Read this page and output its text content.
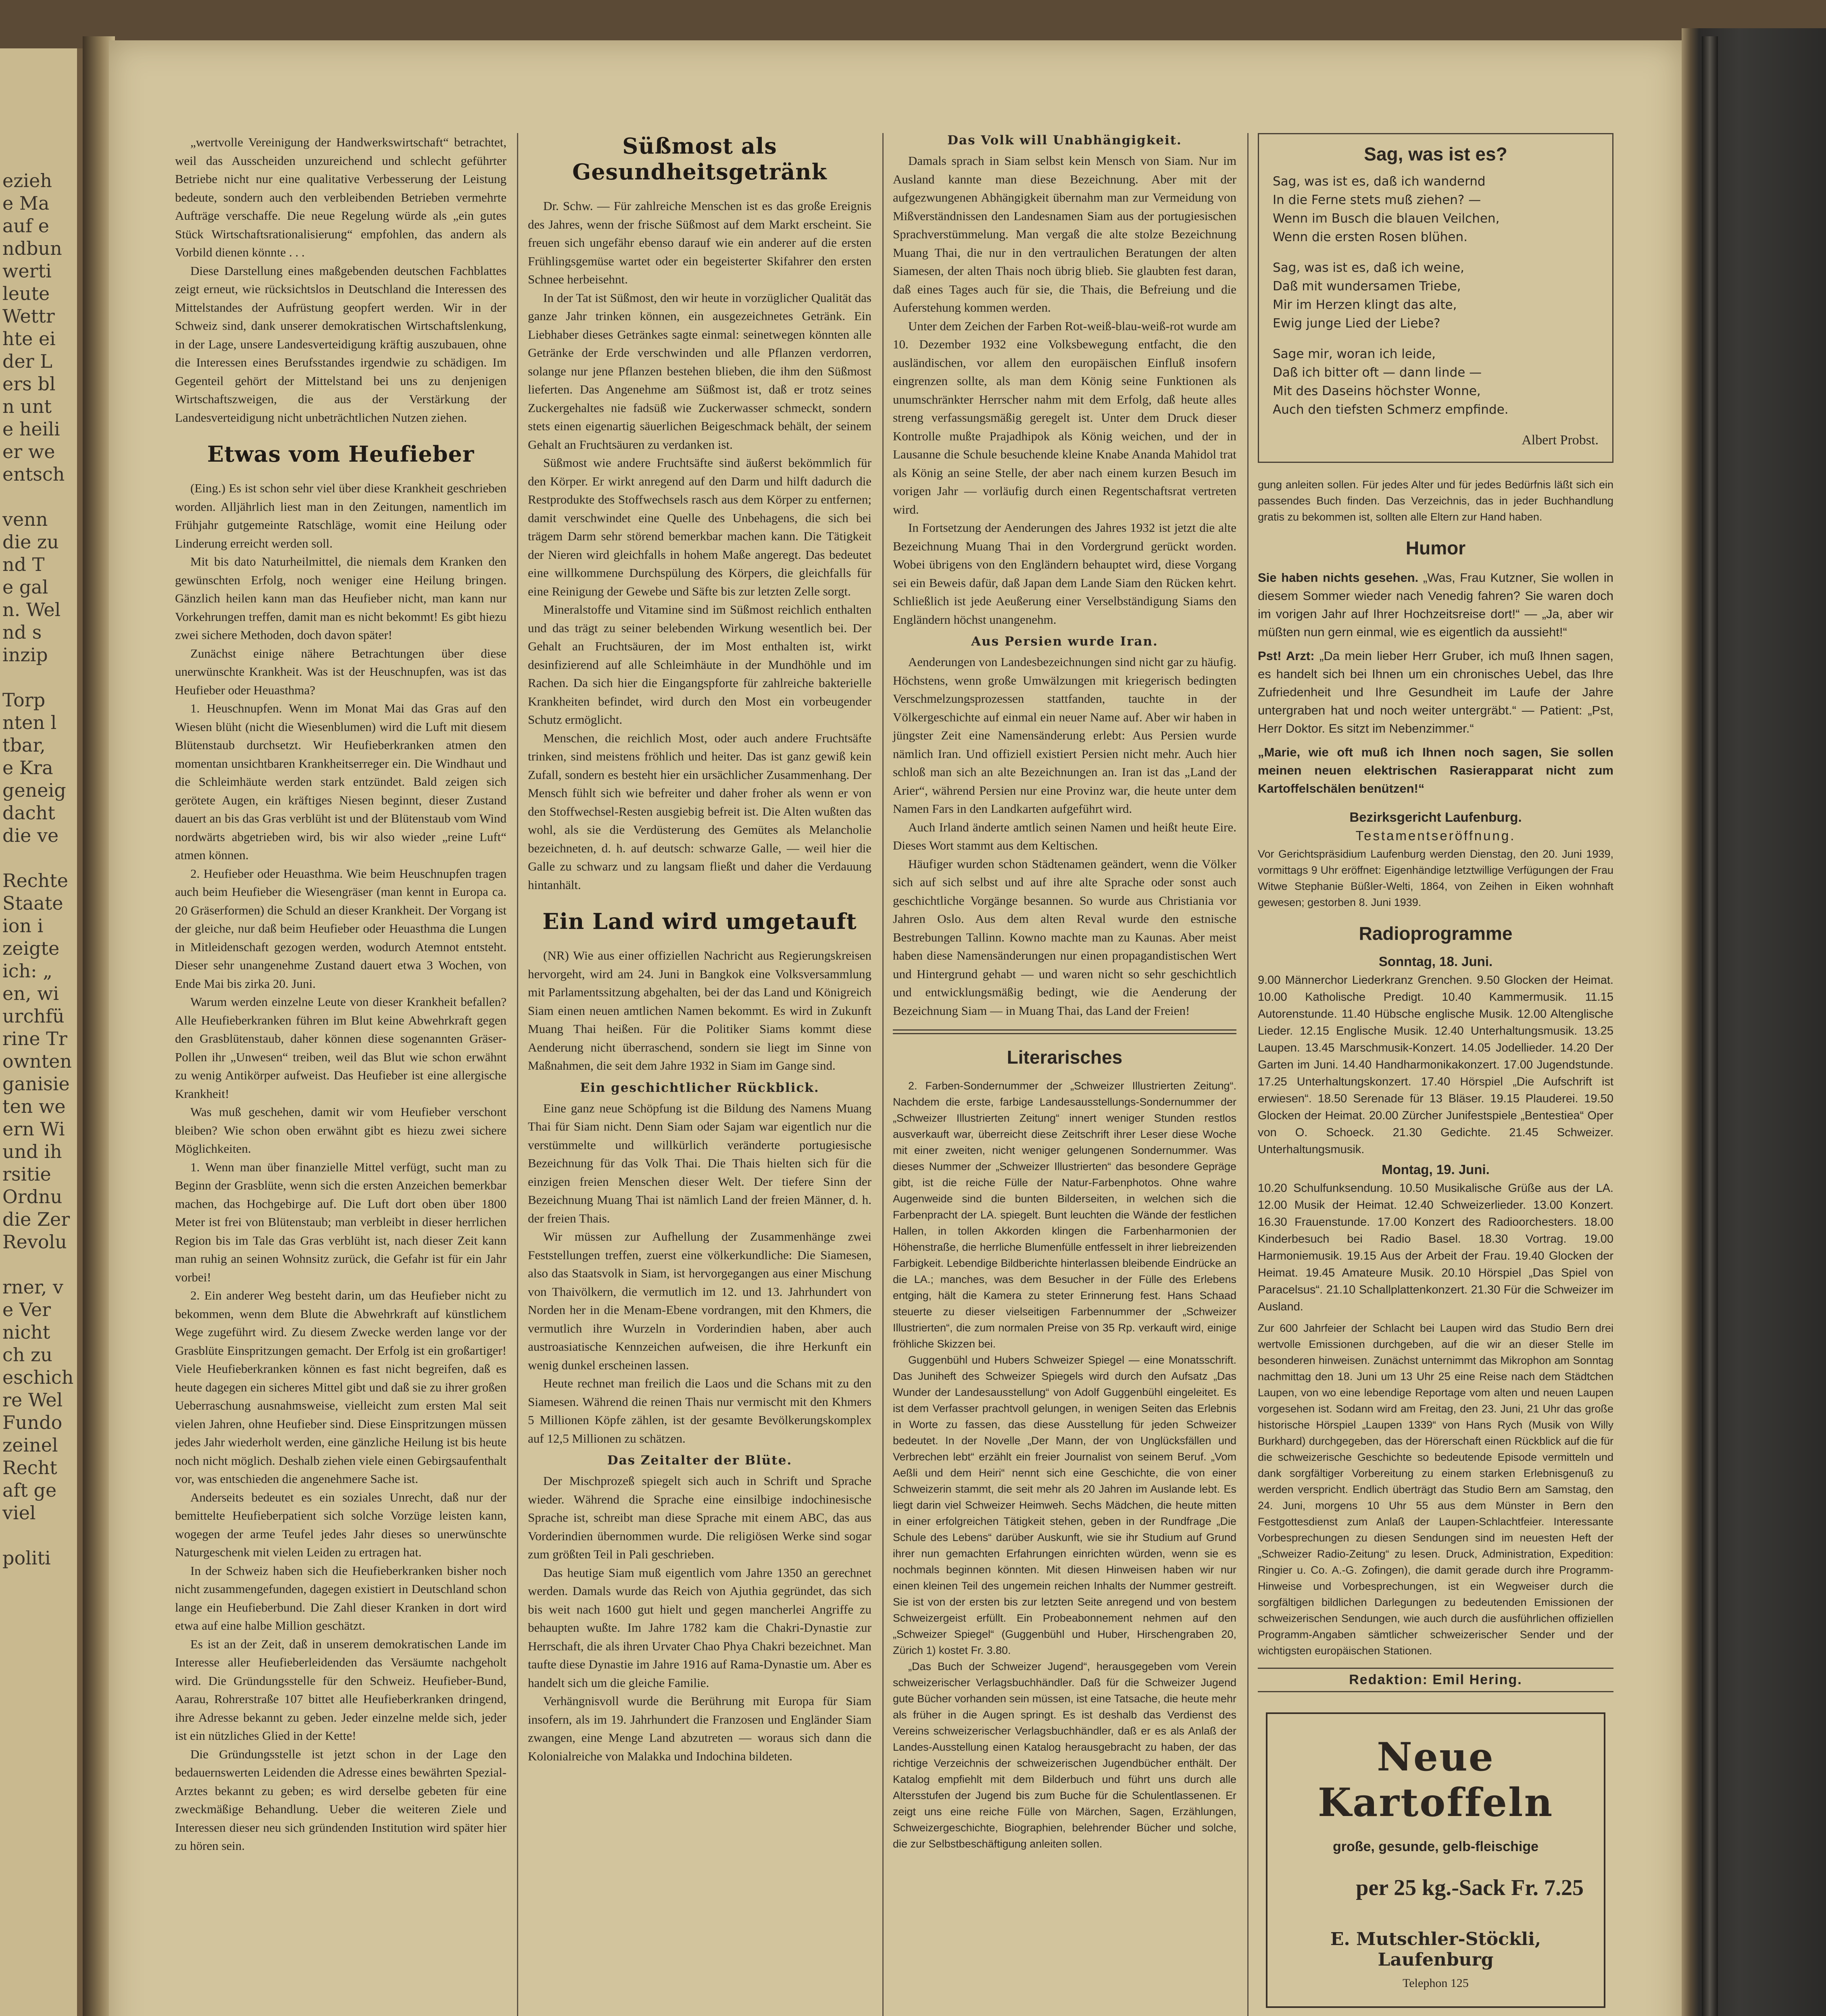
ezieh
e Ma
auf e
ndbun
werti
leute
Wettr
hte ei
der L
ers bl
n unt
e heili
er we
entsch

venn
die zu
nd T
e gal
n. Wel
nd s
inzip

Torp
nten l
tbar,
e Kra
geneig
dacht
die ve

Rechte
Staate
ion i
zeigte
ich: „
en, wi
urchfü
rine Tr
ownten
ganisie
ten we
ern Wi
und ih
rsitie
Ordnu
die Zer
Revolu

rner, v
e Ver
nicht
ch zu
eschich
re Wel
Fundo
zeinel
Recht
aft ge
viel

politi

„wertvolle Vereinigung der Handwerkswirtschaft“ betrachtet, weil das Ausscheiden unzureichend und schlecht geführter Betriebe nicht nur eine qualitative Verbesserung der Leistung bedeute, sondern auch den verbleibenden Betrieben vermehrte Aufträge verschaffe. Die neue Regelung würde als „ein gutes Stück Wirtschaftsrationalisierung“ empfohlen, das andern als Vorbild dienen könnte . . .

Diese Darstellung eines maßgebenden deutschen Fachblattes zeigt erneut, wie rücksichtslos in Deutschland die Interessen des Mittelstandes der Aufrüstung geopfert werden. Wir in der Schweiz sind, dank unserer demokratischen Wirtschaftslenkung, in der Lage, unsere Landesverteidigung kräftig auszubauen, ohne die Interessen eines Berufsstandes irgendwie zu schädigen. Im Gegenteil gehört der Mittelstand bei uns zu denjenigen Wirtschaftszweigen, die aus der Verstärkung der Landesverteidigung nicht unbeträchtlichen Nutzen ziehen.

Etwas vom Heufieber

(Eing.) Es ist schon sehr viel über diese Krankheit geschrieben worden. Alljährlich liest man in den Zeitungen, namentlich im Frühjahr gutgemeinte Ratschläge, womit eine Heilung oder Linderung erreicht werden soll.

Mit bis dato Naturheilmittel, die niemals dem Kranken den gewünschten Erfolg, noch weniger eine Heilung bringen. Gänzlich heilen kann man das Heufieber nicht, man kann nur Vorkehrungen treffen, damit man es nicht bekommt! Es gibt hiezu zwei sichere Methoden, doch davon später!

Zunächst einige nähere Betrachtungen über diese unerwünschte Krankheit. Was ist der Heuschnupfen, was ist das Heufieber oder Heuasthma?

1. Heuschnupfen. Wenn im Monat Mai das Gras auf den Wiesen blüht (nicht die Wiesenblumen) wird die Luft mit diesem Blütenstaub durchsetzt. Wir Heufieberkranken atmen den momentan unsichtbaren Krankheitserreger ein. Die Windhaut und die Schleimhäute werden stark entzündet. Bald zeigen sich gerötete Augen, ein kräftiges Niesen beginnt, dieser Zustand dauert an bis das Gras verblüht ist und der Blütenstaub vom Wind nordwärts abgetrieben wird, bis wir also wieder „reine Luft“ atmen können.

2. Heufieber oder Heuasthma. Wie beim Heuschnupfen tragen auch beim Heufieber die Wiesengräser (man kennt in Europa ca. 20 Gräserformen) die Schuld an dieser Krankheit. Der Vorgang ist der gleiche, nur daß beim Heufieber oder Heuasthma die Lungen in Mitleidenschaft gezogen werden, wodurch Atemnot entsteht. Dieser sehr unangenehme Zustand dauert etwa 3 Wochen, von Ende Mai bis zirka 20. Juni.

Warum werden einzelne Leute von dieser Krankheit befallen? Alle Heufieberkranken führen im Blut keine Abwehrkraft gegen den Grasblütenstaub, daher können diese sogenannten Gräser-Pollen ihr „Unwesen“ treiben, weil das Blut wie schon erwähnt zu wenig Antikörper aufweist. Das Heufieber ist eine allergische Krankheit!

Was muß geschehen, damit wir vom Heufieber verschont bleiben? Wie schon oben erwähnt gibt es hiezu zwei sichere Möglichkeiten.

1. Wenn man über finanzielle Mittel verfügt, sucht man zu Beginn der Grasblüte, wenn sich die ersten Anzeichen bemerkbar machen, das Hochgebirge auf. Die Luft dort oben über 1800 Meter ist frei von Blütenstaub; man verbleibt in dieser herrlichen Region bis im Tale das Gras verblüht ist, nach dieser Zeit kann man ruhig an seinen Wohnsitz zurück, die Gefahr ist für ein Jahr vorbei!

2. Ein anderer Weg besteht darin, um das Heufieber nicht zu bekommen, wenn dem Blute die Abwehrkraft auf künstlichem Wege zugeführt wird. Zu diesem Zwecke werden lange vor der Grasblüte Einspritzungen gemacht. Der Erfolg ist ein großartiger! Viele Heufieberkranken können es fast nicht begreifen, daß es heute dagegen ein sicheres Mittel gibt und daß sie zu ihrer großen Ueberraschung ausnahmsweise, vielleicht zum ersten Mal seit vielen Jahren, ohne Heufieber sind. Diese Einspritzungen müssen jedes Jahr wiederholt werden, eine gänzliche Heilung ist bis heute noch nicht möglich. Deshalb ziehen viele einen Gebirgsaufenthalt vor, was entschieden die angenehmere Sache ist.

Anderseits bedeutet es ein soziales Unrecht, daß nur der bemittelte Heufieberpatient sich solche Vorzüge leisten kann, wogegen der arme Teufel jedes Jahr dieses so unerwünschte Naturgeschenk mit vielen Leiden zu ertragen hat.

In der Schweiz haben sich die Heufieberkranken bisher noch nicht zusammengefunden, dagegen existiert in Deutschland schon lange ein Heufieberbund. Die Zahl dieser Kranken in dort wird etwa auf eine halbe Million geschätzt.

Es ist an der Zeit, daß in unserem demokratischen Lande im Interesse aller Heufieberleidenden das Versäumte nachgeholt wird. Die Gründungsstelle für den Schweiz. Heufieber-Bund, Aarau, Rohrerstraße 107 bittet alle Heufieberkranken dringend, ihre Adresse bekannt zu geben. Jeder einzelne melde sich, jeder ist ein nützliches Glied in der Kette!

Die Gründungsstelle ist jetzt schon in der Lage den bedauernswerten Leidenden die Adresse eines bewährten Spezial-Arztes bekannt zu geben; es wird derselbe gebeten für eine zweckmäßige Behandlung. Ueber die weiteren Ziele und Interessen dieser neu sich gründenden Institution wird später hier zu hören sein.

Süßmost als Gesundheitsgetränk

Dr. Schw. — Für zahlreiche Menschen ist es das große Ereignis des Jahres, wenn der frische Süßmost auf dem Markt erscheint. Sie freuen sich ungefähr ebenso darauf wie ein anderer auf die ersten Frühlingsgemüse wartet oder ein begeisterter Skifahrer den ersten Schnee herbeisehnt.

In der Tat ist Süßmost, den wir heute in vorzüglicher Qualität das ganze Jahr trinken können, ein ausgezeichnetes Getränk. Ein Liebhaber dieses Getränkes sagte einmal: seinetwegen könnten alle Getränke der Erde verschwinden und alle Pflanzen verdorren, solange nur jene Pflanzen bestehen blieben, die ihm den Süßmost lieferten. Das Angenehme am Süßmost ist, daß er trotz seines Zuckergehaltes nie fadsüß wie Zuckerwasser schmeckt, sondern stets einen eigenartig säuerlichen Beigeschmack behält, der seinem Gehalt an Fruchtsäuren zu verdanken ist.

Süßmost wie andere Fruchtsäfte sind äußerst bekömmlich für den Körper. Er wirkt anregend auf den Darm und hilft dadurch die Restprodukte des Stoffwechsels rasch aus dem Körper zu entfernen; damit verschwindet eine Quelle des Unbehagens, die sich bei trägem Darm sehr störend bemerkbar machen kann. Die Tätigkeit der Nieren wird gleichfalls in hohem Maße angeregt. Das bedeutet eine willkommene Durchspülung des Körpers, die gleichfalls für eine Reinigung der Gewebe und Säfte bis zur letzten Zelle sorgt.

Mineralstoffe und Vitamine sind im Süßmost reichlich enthalten und das trägt zu seiner belebenden Wirkung wesentlich bei. Der Gehalt an Fruchtsäuren, der im Most enthalten ist, wirkt desinfizierend auf alle Schleimhäute in der Mundhöhle und im Rachen. Da sich hier die Eingangspforte für zahlreiche bakterielle Krankheiten befindet, wird durch den Most ein vorbeugender Schutz ermöglicht.

Menschen, die reichlich Most, oder auch andere Fruchtsäfte trinken, sind meistens fröhlich und heiter. Das ist ganz gewiß kein Zufall, sondern es besteht hier ein ursächlicher Zusammenhang. Der Mensch fühlt sich wie befreiter und daher froher als wenn er von den Stoffwechsel-Resten ausgiebig befreit ist. Die Alten wußten das wohl, als sie die Verdüsterung des Gemütes als Melancholie bezeichneten, d. h. auf deutsch: schwarze Galle, — weil hier die Galle zu schwarz und zu langsam fließt und daher die Verdauung hintanhält.

Ein Land wird umgetauft

(NR) Wie aus einer offiziellen Nachricht aus Regierungskreisen hervorgeht, wird am 24. Juni in Bangkok eine Volksversammlung mit Parlamentssitzung abgehalten, bei der das Land und Königreich Siam einen neuen amtlichen Namen bekommt. Es wird in Zukunft Muang Thai heißen. Für die Politiker Siams kommt diese Aenderung nicht überraschend, sondern sie liegt im Sinne von Maßnahmen, die seit dem Jahre 1932 in Siam im Gange sind.

Ein geschichtlicher Rückblick.

Eine ganz neue Schöpfung ist die Bildung des Namens Muang Thai für Siam nicht. Denn Siam oder Sajam war eigentlich nur die verstümmelte und willkürlich veränderte portugiesische Bezeichnung für das Volk Thai. Die Thais hielten sich für die einzigen freien Menschen dieser Welt. Der tiefere Sinn der Bezeichnung Muang Thai ist nämlich Land der freien Männer, d. h. der freien Thais.

Wir müssen zur Aufhellung der Zusammenhänge zwei Feststellungen treffen, zuerst eine völkerkundliche: Die Siamesen, also das Staatsvolk in Siam, ist hervorgegangen aus einer Mischung von Thaivölkern, die vermutlich im 12. und 13. Jahrhundert von Norden her in die Menam-Ebene vordrangen, mit den Khmers, die vermutlich ihre Wurzeln in Vorderindien haben, aber auch austroasiatische Kennzeichen aufweisen, die ihre Herkunft ein wenig dunkel erscheinen lassen.

Heute rechnet man freilich die Laos und die Schans mit zu den Siamesen. Während die reinen Thais nur vermischt mit den Khmers 5 Millionen Köpfe zählen, ist der gesamte Bevölkerungskomplex auf 12,5 Millionen zu schätzen.

Das Zeitalter der Blüte.

Der Mischprozeß spiegelt sich auch in Schrift und Sprache wieder. Während die Sprache eine einsilbige indochinesische Sprache ist, schreibt man diese Sprache mit einem ABC, das aus Vorderindien übernommen wurde. Die religiösen Werke sind sogar zum größten Teil in Pali geschrieben.

Das heutige Siam muß eigentlich vom Jahre 1350 an gerechnet werden. Damals wurde das Reich von Ajuthia gegründet, das sich bis weit nach 1600 gut hielt und gegen mancherlei Angriffe zu behaupten wußte. Im Jahre 1782 kam die Chakri-Dynastie zur Herrschaft, die als ihren Urvater Chao Phya Chakri bezeichnet. Man taufte diese Dynastie im Jahre 1916 auf Rama-Dynastie um. Aber es handelt sich um die gleiche Familie.

Verhängnisvoll wurde die Berührung mit Europa für Siam insofern, als im 19. Jahrhundert die Franzosen und Engländer Siam zwangen, eine Menge Land abzutreten — woraus sich dann die Kolonialreiche von Malakka und Indochina bildeten.

Das Volk will Unabhängigkeit.

Damals sprach in Siam selbst kein Mensch von Siam. Nur im Ausland kannte man diese Bezeichnung. Aber mit der aufgezwungenen Abhängigkeit übernahm man zur Vermeidung von Mißverständnissen den Landesnamen Siam aus der portugiesischen Sprachverstümmelung. Man vergaß die alte stolze Bezeichnung Muang Thai, die nur in den vertraulichen Beratungen der alten Siamesen, der alten Thais noch übrig blieb. Sie glaubten fest daran, daß eines Tages auch für sie, die Thais, die Befreiung und die Auferstehung kommen werden.

Unter dem Zeichen der Farben Rot-weiß-blau-weiß-rot wurde am 10. Dezember 1932 eine Volksbewegung entfacht, die den ausländischen, vor allem den europäischen Einfluß insofern eingrenzen sollte, als man dem König seine Funktionen als unumschränkter Herrscher nahm mit dem Erfolg, daß heute alles streng verfassungsmäßig geregelt ist. Unter dem Druck dieser Kontrolle mußte Prajadhipok als König weichen, und der in Lausanne die Schule besuchende kleine Knabe Ananda Mahidol trat als König an seine Stelle, der aber nach einem kurzen Besuch im vorigen Jahr — vorläufig durch einen Regentschaftsrat vertreten wird.

In Fortsetzung der Aenderungen des Jahres 1932 ist jetzt die alte Bezeichnung Muang Thai in den Vordergrund gerückt worden. Wobei übrigens von den Engländern behauptet wird, diese Vorgang sei ein Beweis dafür, daß Japan dem Lande Siam den Rücken kehrt. Schließlich ist jede Aeußerung einer Verselbständigung Siams den Engländern höchst unangenehm.

Aus Persien wurde Iran.

Aenderungen von Landesbezeichnungen sind nicht gar zu häufig. Höchstens, wenn große Umwälzungen mit kriegerisch bedingten Verschmelzungsprozessen stattfanden, tauchte in der Völkergeschichte auf einmal ein neuer Name auf. Aber wir haben in jüngster Zeit eine Namensänderung erlebt: Aus Persien wurde nämlich Iran. Und offiziell existiert Persien nicht mehr. Auch hier schloß man sich an alte Bezeichnungen an. Iran ist das „Land der Arier“, während Persien nur eine Provinz war, die heute unter dem Namen Fars in den Landkarten aufgeführt wird.

Auch Irland änderte amtlich seinen Namen und heißt heute Eire. Dieses Wort stammt aus dem Keltischen.

Häufiger wurden schon Städtenamen geändert, wenn die Völker sich auf sich selbst und auf ihre alte Sprache oder sonst auch geschichtliche Vorgänge besannen. So wurde aus Christiania vor Jahren Oslo. Aus dem alten Reval wurde den estnische Bestrebungen Tallinn. Kowno machte man zu Kaunas. Aber meist haben diese Namensänderungen nur einen propagandistischen Wert und Hintergrund gehabt — und waren nicht so sehr geschichtlich und entwicklungsmäßig bedingt, wie die Aenderung der Bezeichnung Siam — in Muang Thai, das Land der Freien!

Literarisches

2. Farben-Sondernummer der „Schweizer Illustrierten Zeitung“. Nachdem die erste, farbige Landesausstellungs-Sondernummer der „Schweizer Illustrierten Zeitung“ innert weniger Stunden restlos ausverkauft war, überreicht diese Zeitschrift ihrer Leser diese Woche mit einer zweiten, nicht weniger gelungenen Sondernummer. Was dieses Nummer der „Schweizer Illustrierten“ das besondere Gepräge gibt, ist die reiche Fülle der Natur-Farbenphotos. Ohne wahre Augenweide sind die bunten Bilderseiten, in welchen sich die Farbenpracht der LA. spiegelt. Bunt leuchten die Wände der festlichen Hallen, in tollen Akkorden klingen die Farbenharmonien der Höhenstraße, die herrliche Blumenfülle entfesselt in ihrer liebreizenden Farbigkeit. Lebendige Bildberichte hinterlassen bleibende Eindrücke an die LA.; manches, was dem Besucher in der Fülle des Erlebens entging, hält die Kamera zu steter Erinnerung fest. Hans Schaad steuerte zu dieser vielseitigen Farbennummer der „Schweizer Illustrierten“, die zum normalen Preise von 35 Rp. verkauft wird, einige fröhliche Skizzen bei.

Guggenbühl und Hubers Schweizer Spiegel — eine Monatsschrift. Das Juniheft des Schweizer Spiegels wird durch den Aufsatz „Das Wunder der Landesausstellung“ von Adolf Guggenbühl eingeleitet. Es ist dem Verfasser prachtvoll gelungen, in wenigen Seiten das Erlebnis in Worte zu fassen, das diese Ausstellung für jeden Schweizer bedeutet. In der Novelle „Der Mann, der von Unglücksfällen und Verbrechen lebt“ erzählt ein freier Journalist von seinem Beruf. „Vom Aeßli und dem Heiri“ nennt sich eine Geschichte, die von einer Schweizerin stammt, die seit mehr als 20 Jahren im Auslande lebt. Es liegt darin viel Schweizer Heimweh. Sechs Mädchen, die heute mitten in einer erfolgreichen Tätigkeit stehen, geben in der Rundfrage „Die Schule des Lebens“ darüber Auskunft, wie sie ihr Studium auf Grund ihrer nun gemachten Erfahrungen einrichten würden, wenn sie es nochmals beginnen könnten. Mit diesen Hinweisen haben wir nur einen kleinen Teil des ungemein reichen Inhalts der Nummer gestreift. Sie ist von der ersten bis zur letzten Seite anregend und von bestem Schweizergeist erfüllt. Ein Probeabonnement nehmen auf den „Schweizer Spiegel“ (Guggenbühl und Huber, Hirschengraben 20, Zürich 1) kostet Fr. 3.80.

„Das Buch der Schweizer Jugend“, herausgegeben vom Verein schweizerischer Verlagsbuchhändler. Daß für die Schweizer Jugend gute Bücher vorhanden sein müssen, ist eine Tatsache, die heute mehr als früher in die Augen springt. Es ist deshalb das Verdienst des Vereins schweizerischer Verlagsbuchhändler, daß er es als Anlaß der Landes-Ausstellung einen Katalog herausgebracht zu haben, der das richtige Verzeichnis der schweizerischen Jugendbücher enthält. Der Katalog empfiehlt mit dem Bilderbuch und führt uns durch alle Altersstufen der Jugend bis zum Buche für die Schulentlassenen. Er zeigt uns eine reiche Fülle von Märchen, Sagen, Erzählungen, Schweizergeschichte, Biographien, belehrender Bücher und solche, die zur Selbstbeschäftigung anleiten sollen.

Sag, was ist es?
Sag, was ist es, daß ich wandernd
In die Ferne stets muß ziehen? —
Wenn im Busch die blauen Veilchen,
Wenn die ersten Rosen blühen.
Sag, was ist es, daß ich weine,
Daß mit wundersamen Triebe,
Mir im Herzen klingt das alte,
Ewig junge Lied der Liebe?
Sage mir, woran ich leide,
Daß ich bitter oft — dann linde —
Mit des Daseins höchster Wonne,
Auch den tiefsten Schmerz empfinde.
Albert Probst.
gung anleiten sollen. Für jedes Alter und für jedes Bedürfnis läßt sich ein passendes Buch finden. Das Verzeichnis, das in jeder Buchhandlung gratis zu bekommen ist, sollten alle Eltern zur Hand haben.
Humor

Sie haben nichts gesehen. „Was, Frau Kutzner, Sie wollen in diesem Sommer wieder nach Venedig fahren? Sie waren doch im vorigen Jahr auf Ihrer Hochzeitsreise dort!“ — „Ja, aber wir müßten nun gern einmal, wie es eigentlich da aussieht!“

Pst! Arzt: „Da mein lieber Herr Gruber, ich muß Ihnen sagen, es handelt sich bei Ihnen um ein chronisches Uebel, das Ihre Zufriedenheit und Ihre Gesundheit im Laufe der Jahre untergraben hat und noch weiter untergräbt.“ — Patient: „Pst, Herr Doktor. Es sitzt im Nebenzimmer.“

„Marie, wie oft muß ich Ihnen noch sagen, Sie sollen meinen neuen elektrischen Rasierapparat nicht zum Kartoffelschälen benützen!“

Bezirksgericht Laufenburg.
Testamentseröffnung.
Vor Gerichtspräsidium Laufenburg werden Dienstag, den 20. Juni 1939, vormittags 9 Uhr eröffnet: Eigenhändige letztwillige Verfügungen der Frau Witwe Stephanie Büßler-Welti, 1864, von Zeihen in Eiken wohnhaft gewesen; gestorben 8. Juni 1939.
Radioprogramme
Sonntag, 18. Juni.

9.00 Männerchor Liederkranz Grenchen. 9.50 Glocken der Heimat. 10.00 Katholische Predigt. 10.40 Kammermusik. 11.15 Autorenstunde. 11.40 Hübsche englische Musik. 12.00 Altenglische Lieder. 12.15 Englische Musik. 12.40 Unterhaltungsmusik. 13.25 Laupen. 13.45 Marschmusik-Konzert. 14.05 Jodellieder. 14.20 Der Garten im Juni. 14.40 Handharmonikakonzert. 17.00 Jugendstunde. 17.25 Unterhaltungskonzert. 17.40 Hörspiel „Die Aufschrift ist erwiesen“. 18.50 Serenade für 13 Bläser. 19.15 Plauderei. 19.50 Glocken der Heimat. 20.00 Zürcher Junifestspiele „Bentestiea“ Oper von O. Schoeck. 21.30 Gedichte. 21.45 Schweizer. Unterhaltungsmusik.

Montag, 19. Juni.

10.20 Schulfunksendung. 10.50 Musikalische Grüße aus der LA. 12.00 Musik der Heimat. 12.40 Schweizerlieder. 13.00 Konzert. 16.30 Frauenstunde. 17.00 Konzert des Radioorchesters. 18.00 Kinderbesuch bei Radio Basel. 18.30 Vortrag. 19.00 Harmoniemusik. 19.15 Aus der Arbeit der Frau. 19.40 Glocken der Heimat. 19.45 Amateure Musik. 20.10 Hörspiel „Das Spiel von Paracelsus“. 21.10 Schallplattenkonzert. 21.30 Für die Schweizer im Ausland.

Zur 600 Jahrfeier der Schlacht bei Laupen wird das Studio Bern drei wertvolle Emissionen durchgeben, auf die wir an dieser Stelle im besonderen hinweisen. Zunächst unternimmt das Mikrophon am Sonntag nachmittag den 18. Juni um 13 Uhr 25 eine Reise nach dem Städtchen Laupen, von wo eine lebendige Reportage vom alten und neuen Laupen vorgesehen ist. Sodann wird am Freitag, den 23. Juni, 21 Uhr das große historische Hörspiel „Laupen 1339“ von Hans Rych (Musik von Willy Burkhard) durchgegeben, das der Hörerschaft einen Rückblick auf die für die schweizerische Geschichte so bedeutende Episode vermitteln und dank sorgfältiger Vorbereitung zu einem starken Erlebnisgenuß zu werden verspricht. Endlich überträgt das Studio Bern am Samstag, den 24. Juni, morgens 10 Uhr 55 aus dem Münster in Bern den Festgottesdienst zum Anlaß der Laupen-Schlachtfeier. Interessante Vorbesprechungen zu diesen Sendungen sind im neuesten Heft der „Schweizer Radio-Zeitung“ zu lesen. Druck, Administration, Expedition: Ringier u. Co. A.-G. Zofingen), die damit gerade durch ihre Programm-Hinweise und Vorbesprechungen, ist ein Wegweiser durch die sorgfältigen bildlichen Darlegungen zu bedeutenden Emissionen der schweizerischen Sendungen, wie auch durch die ausführlichen offiziellen Programm-Angaben sämtlicher schweizerischer Sender und der wichtigsten europäischen Stationen.
Redaktion: Emil Hering.
Neue Kartoffeln
große, gesunde, gelb-fleischige
per 25 kg.-Sack Fr. 7.25
E. Mutschler-Stöckli, Laufenburg
Telephon 125
